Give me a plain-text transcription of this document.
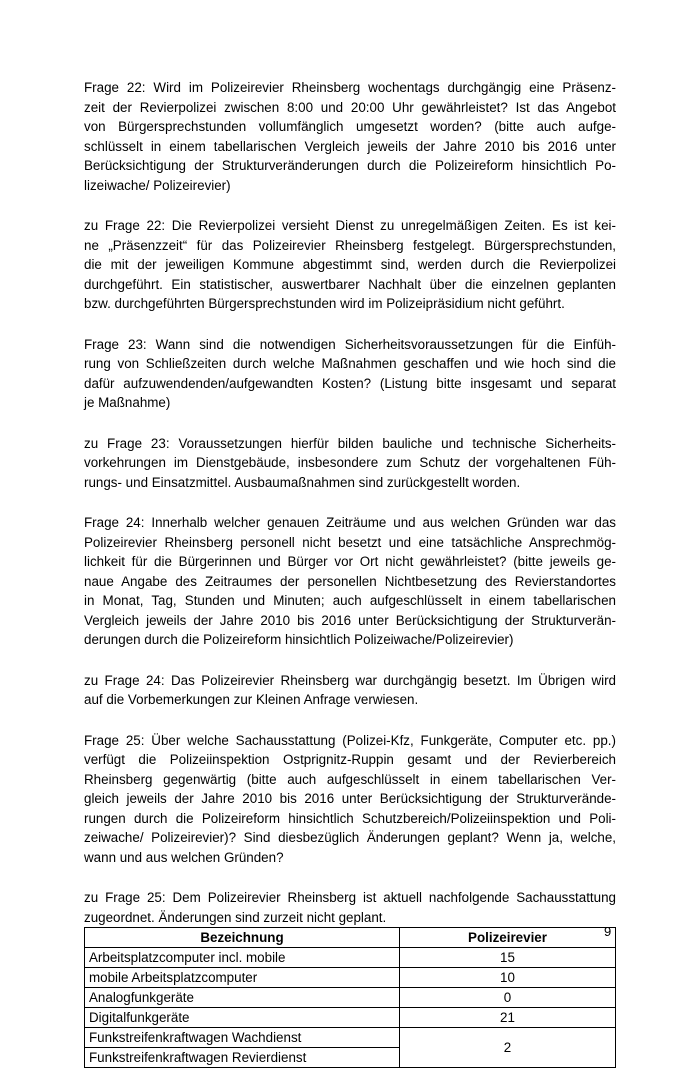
Frage 22: Wird im Polizeirevier Rheinsberg wochentags durchgängig eine Präsenz-
zeit der Revierpolizei zwischen 8:00 und 20:00 Uhr gewährleistet? Ist das Angebot
von Bürgersprechstunden vollumfänglich umgesetzt worden? (bitte auch aufge-
schlüsselt in einem tabellarischen Vergleich jeweils der Jahre 2010 bis 2016 unter
Berücksichtigung der Strukturveränderungen durch die Polizeireform hinsichtlich Po-
lizeiwache/ Polizeirevier)
zu Frage 22: Die Revierpolizei versieht Dienst zu unregelmäßigen Zeiten. Es ist kei-
ne „Präsenzzeit“ für das Polizeirevier Rheinsberg festgelegt. Bürgersprechstunden,
die mit der jeweiligen Kommune abgestimmt sind, werden durch die Revierpolizei
durchgeführt. Ein statistischer, auswertbarer Nachhalt über die einzelnen geplanten
bzw. durchgeführten Bürgersprechstunden wird im Polizeipräsidium nicht geführt.
Frage 23: Wann sind die notwendigen Sicherheitsvoraussetzungen für die Einfüh-
rung von Schließzeiten durch welche Maßnahmen geschaffen und wie hoch sind die
dafür aufzuwendenden/aufgewandten Kosten? (Listung bitte insgesamt und separat
je Maßnahme)
zu Frage 23: Voraussetzungen hierfür bilden bauliche und technische Sicherheits-
vorkehrungen im Dienstgebäude, insbesondere zum Schutz der vorgehaltenen Füh-
rungs- und Einsatzmittel. Ausbaumaßnahmen sind zurückgestellt worden.
Frage 24: Innerhalb welcher genauen Zeiträume und aus welchen Gründen war das
Polizeirevier Rheinsberg personell nicht besetzt und eine tatsächliche Ansprechmög-
lichkeit für die Bürgerinnen und Bürger vor Ort nicht gewährleistet? (bitte jeweils ge-
naue Angabe des Zeitraumes der personellen Nichtbesetzung des Revierstandortes
in Monat, Tag, Stunden und Minuten; auch aufgeschlüsselt in einem tabellarischen
Vergleich jeweils der Jahre 2010 bis 2016 unter Berücksichtigung der Strukturverän-
derungen durch die Polizeireform hinsichtlich Polizeiwache/Polizeirevier)
zu Frage 24: Das Polizeirevier Rheinsberg war durchgängig besetzt. Im Übrigen wird
auf die Vorbemerkungen zur Kleinen Anfrage verwiesen.
Frage 25: Über welche Sachausstattung (Polizei-Kfz, Funkgeräte, Computer etc. pp.)
verfügt die Polizeiinspektion Ostprignitz-Ruppin gesamt und der Revierbereich
Rheinsberg gegenwärtig (bitte auch aufgeschlüsselt in einem tabellarischen Ver-
gleich jeweils der Jahre 2010 bis 2016 unter Berücksichtigung der Strukturverände-
rungen durch die Polizeireform hinsichtlich Schutzbereich/Polizeiinspektion und Poli-
zeiwache/ Polizeirevier)? Sind diesbezüglich Änderungen geplant? Wenn ja, welche,
wann und aus welchen Gründen?
zu Frage 25: Dem Polizeirevier Rheinsberg ist aktuell nachfolgende Sachausstattung
zugeordnet. Änderungen sind zurzeit nicht geplant.
Bezeichnung	Polizeirevier
Arbeitsplatzcomputer incl. mobile	15
mobile Arbeitsplatzcomputer	10
Analogfunkgeräte	0
Digitalfunkgeräte	21
Funkstreifenkraftwagen Wachdienst	2
Funkstreifenkraftwagen Revierdienst	
9
